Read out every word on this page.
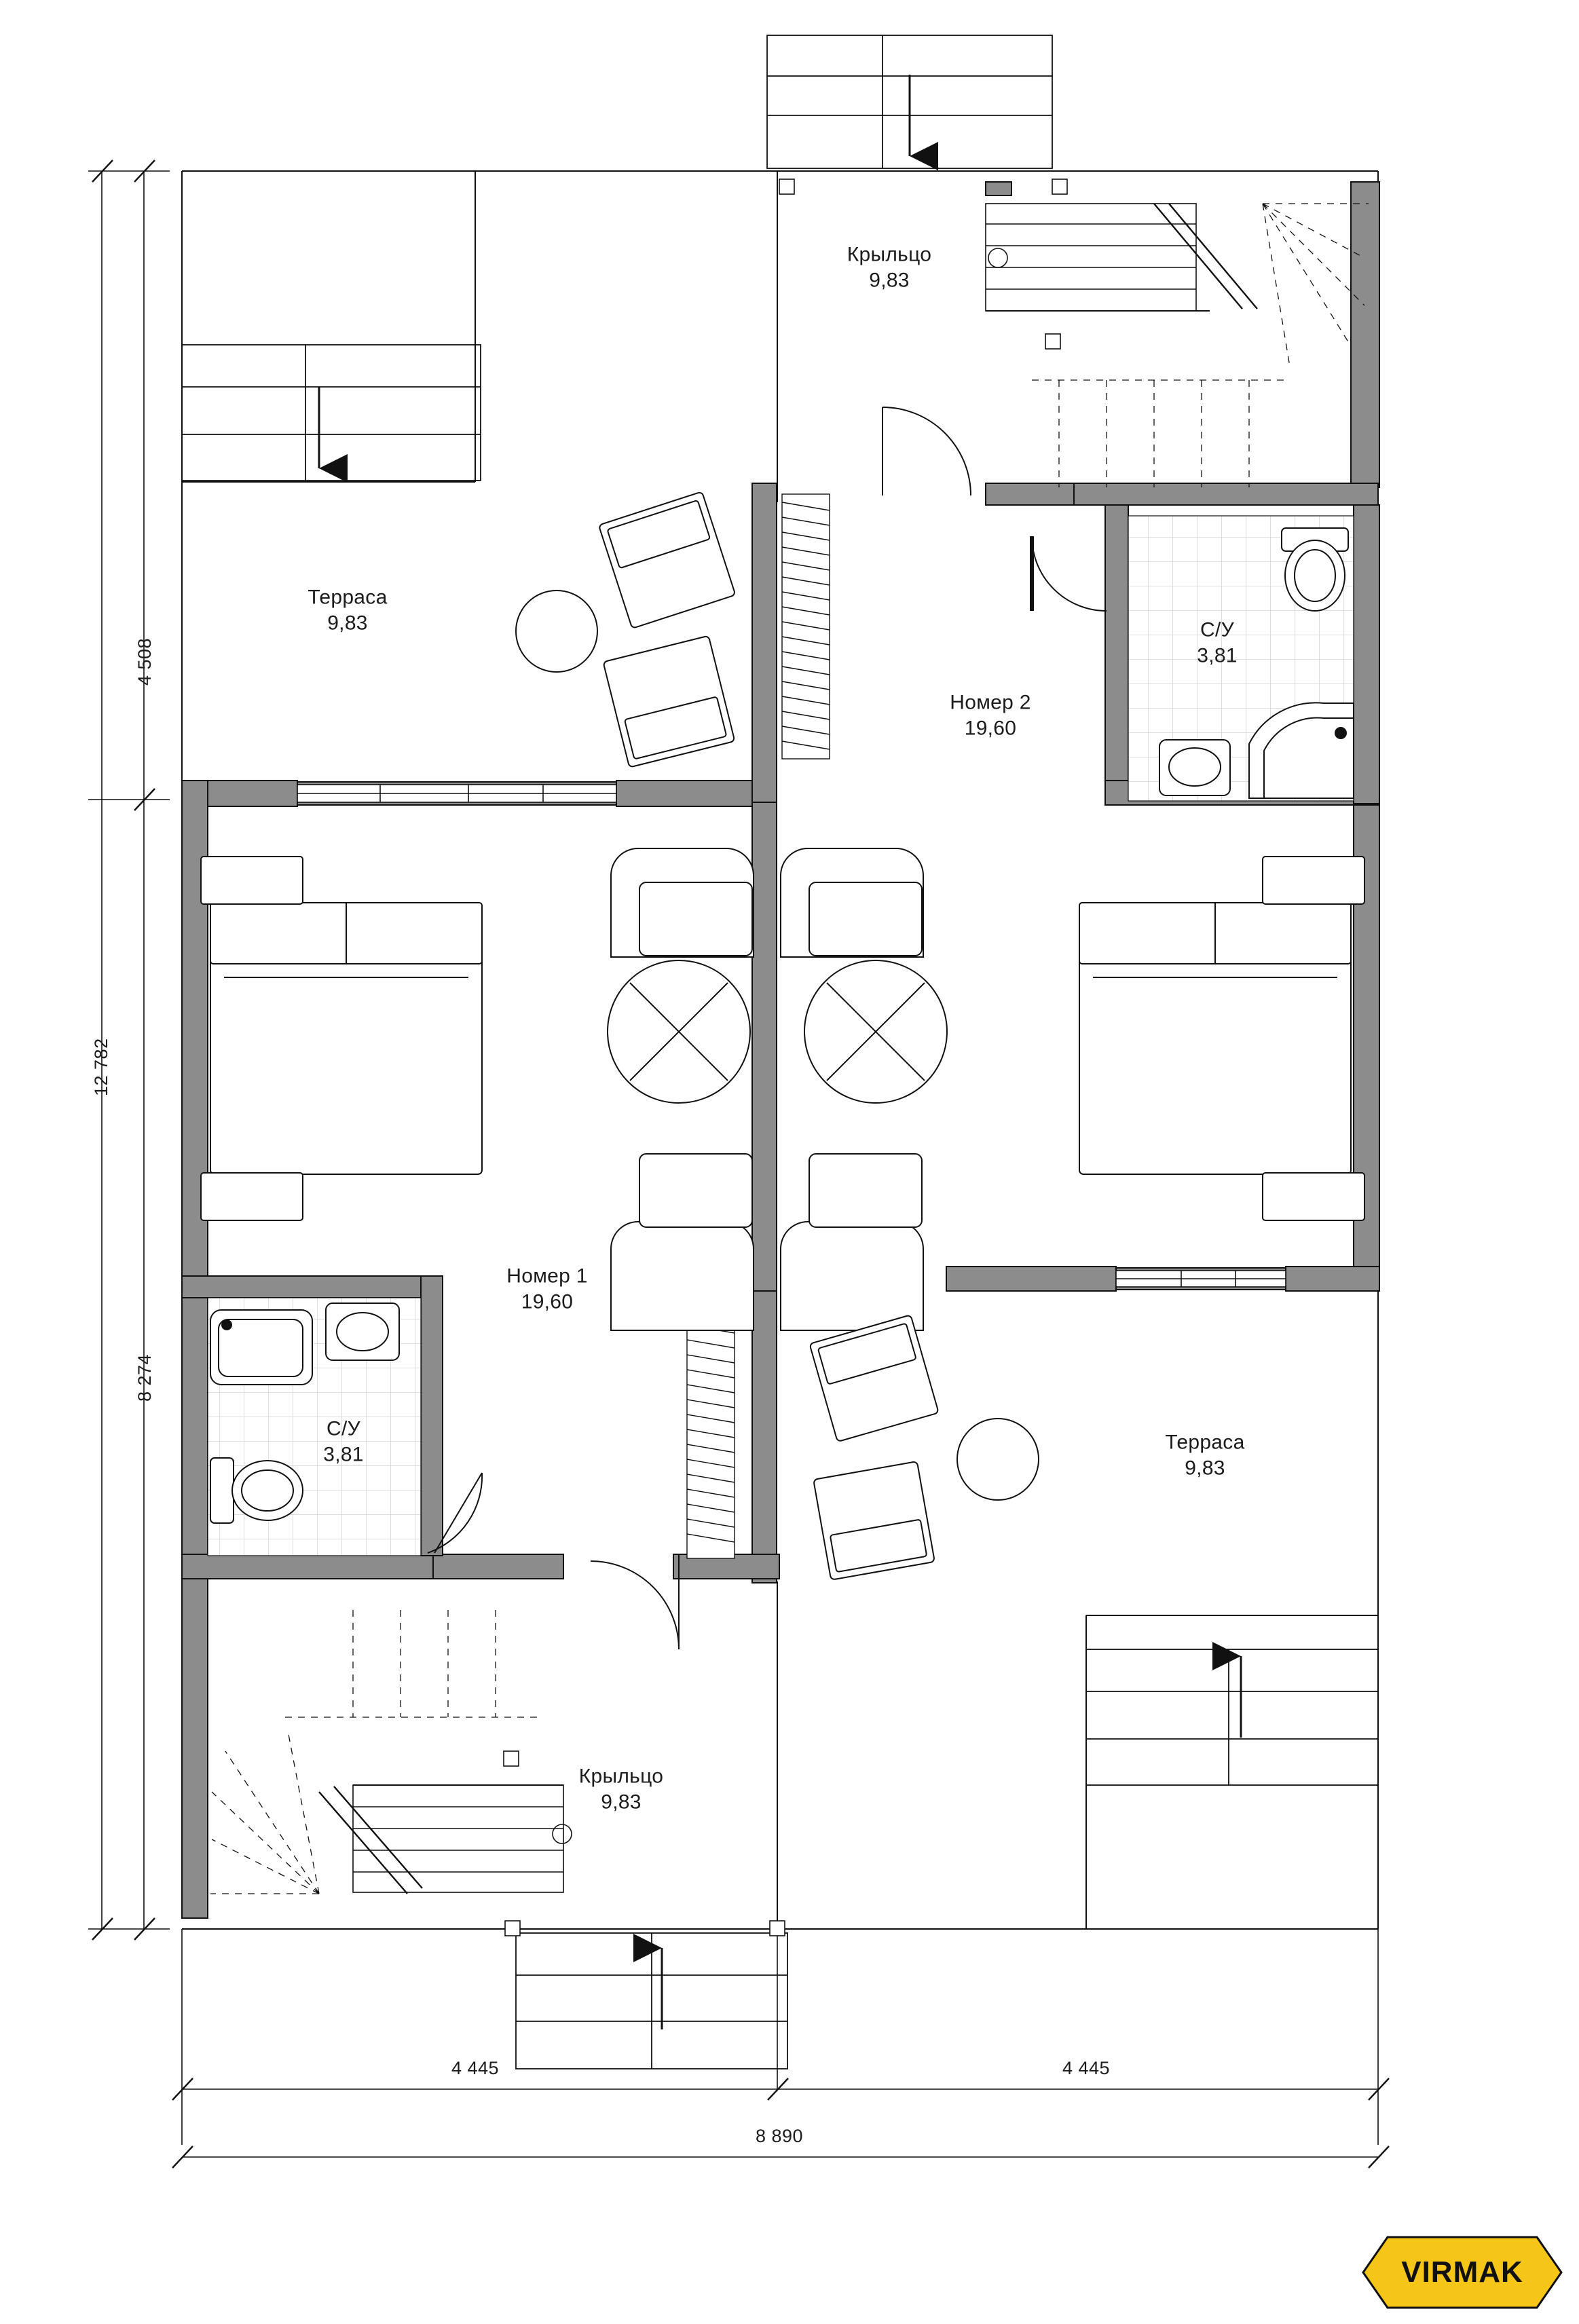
Крыльцо
9,83
Терраса
9,83
Номер 2
19,60
С/У
3,81
Номер 1
19,60
С/У
3,81
Терраса
9,83
Крыльцо
9,83
4 508
12 782
8 274
4 445	4 445
8 890
VIRMAK
